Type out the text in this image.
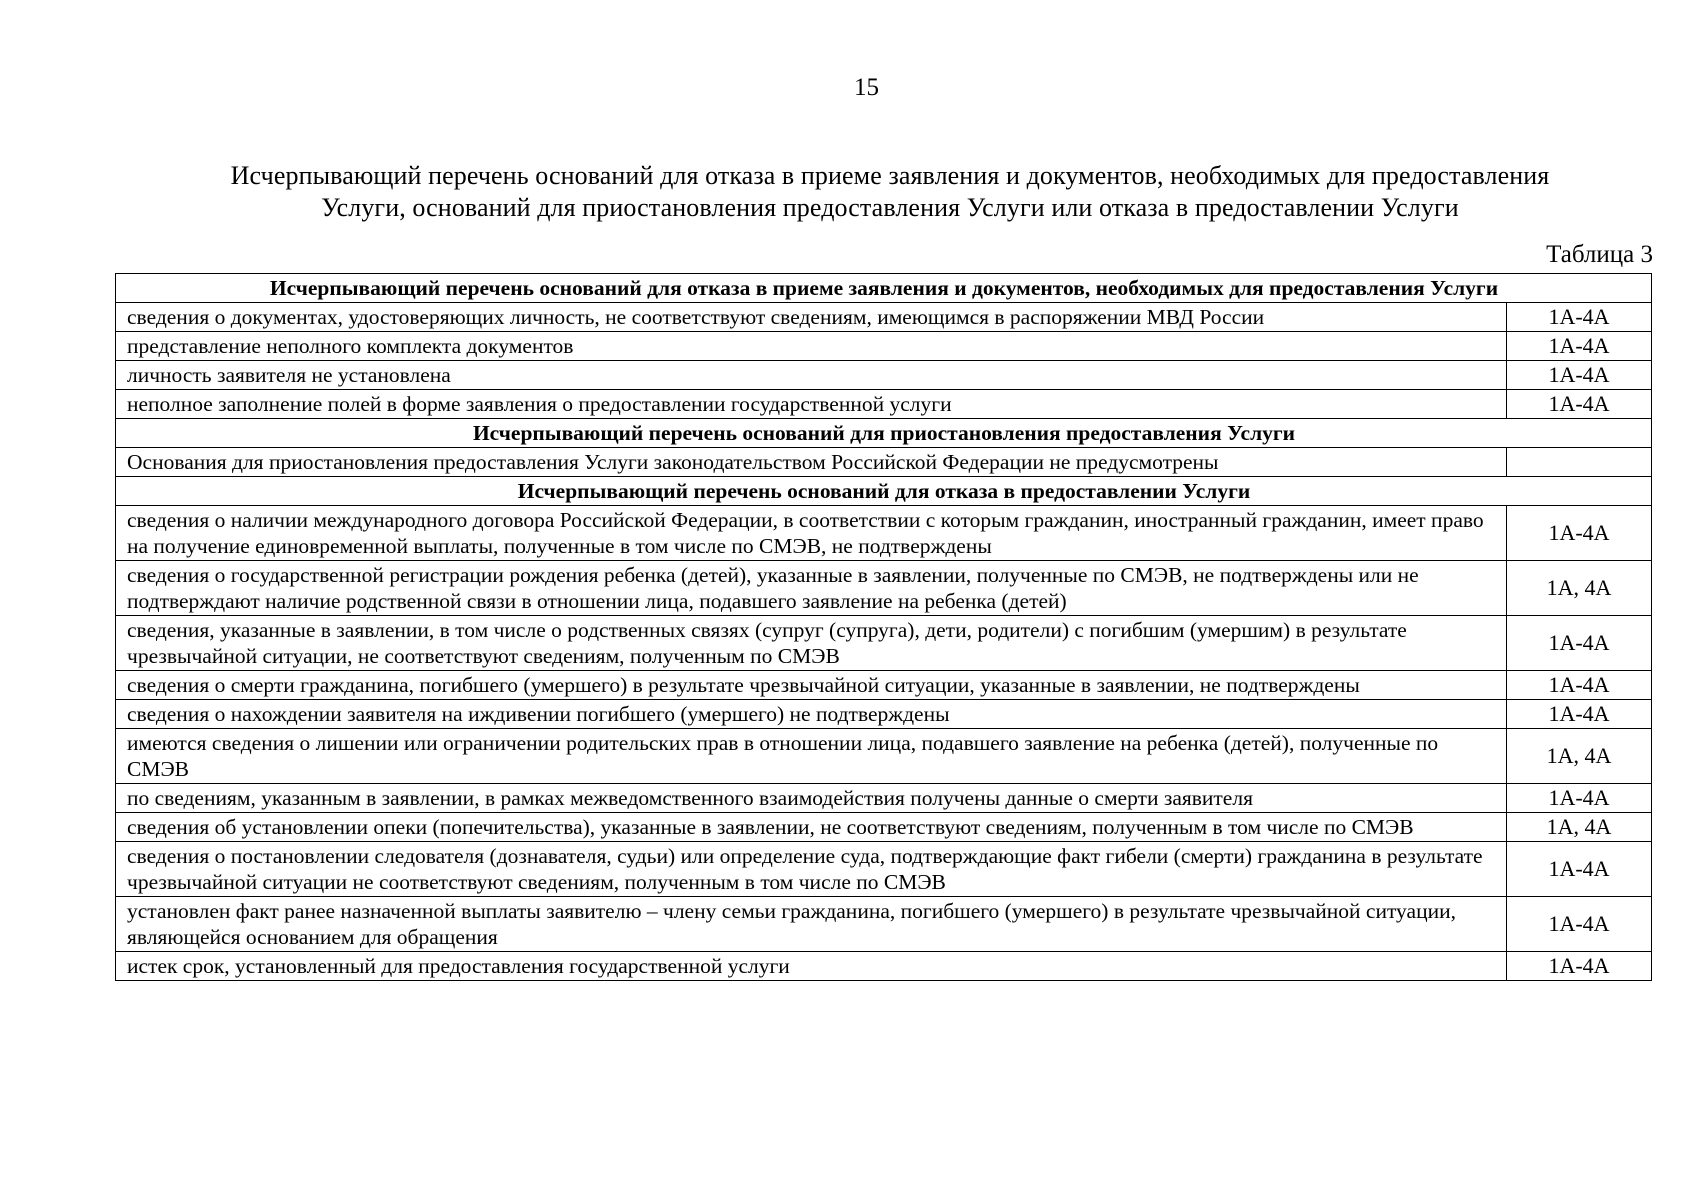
15
Исчерпывающий перечень оснований для отказа в приеме заявления и документов, необходимых для предоставления
Услуги, оснований для приостановления предоставления Услуги или отказа в предоставлении Услуги
Таблица 3
Исчерпывающий перечень оснований для отказа в приеме заявления и документов, необходимых для предоставления Услуги	
сведения о документах, удостоверяющих личность, не соответствуют сведениям, имеющимся в распоряжении МВД России	1А-4А
представление неполного комплекта документов	1А-4А
личность заявителя не установлена	1А-4А
неполное заполнение полей в форме заявления о предоставлении государственной услуги	1А-4А
Исчерпывающий перечень оснований для приостановления предоставления Услуги	
Основания для приостановления предоставления Услуги законодательством Российской Федерации не предусмотрены	
Исчерпывающий перечень оснований для отказа в предоставлении Услуги	
сведения о наличии международного договора Российской Федерации, в соответствии с которым гражданин, иностранный гражданин, имеет право на получение единовременной выплаты, полученные в том числе по СМЭВ, не подтверждены	1А-4А
сведения о государственной регистрации рождения ребенка (детей), указанные в заявлении, полученные по СМЭВ, не подтверждены или не подтверждают наличие родственной связи в отношении лица, подавшего заявление на ребенка (детей)	1А, 4А
сведения, указанные в заявлении, в том числе о родственных связях (супруг (супруга), дети, родители) с погибшим (умершим) в результате чрезвычайной ситуации, не соответствуют сведениям, полученным по СМЭВ	1А-4А
сведения о смерти гражданина, погибшего (умершего) в результате чрезвычайной ситуации, указанные в заявлении, не подтверждены	1А-4А
сведения о нахождении заявителя на иждивении погибшего (умершего) не подтверждены	1А-4А
имеются сведения о лишении или ограничении родительских прав в отношении лица, подавшего заявление на ребенка (детей), полученные по СМЭВ	1А, 4А
по сведениям, указанным в заявлении, в рамках межведомственного взаимодействия получены данные о смерти заявителя	1А-4А
сведения об установлении опеки (попечительства), указанные в заявлении, не соответствуют сведениям, полученным в том числе по СМЭВ	1А, 4А
сведения о постановлении следователя (дознавателя, судьи) или определение суда, подтверждающие факт гибели (смерти) гражданина в результате чрезвычайной ситуации не соответствуют сведениям, полученным в том числе по СМЭВ	1А-4А
установлен факт ранее назначенной выплаты заявителю – члену семьи гражданина, погибшего (умершего) в результате чрезвычайной ситуации, являющейся основанием для обращения	1А-4А
истек срок, установленный для предоставления государственной услуги	1А-4А
